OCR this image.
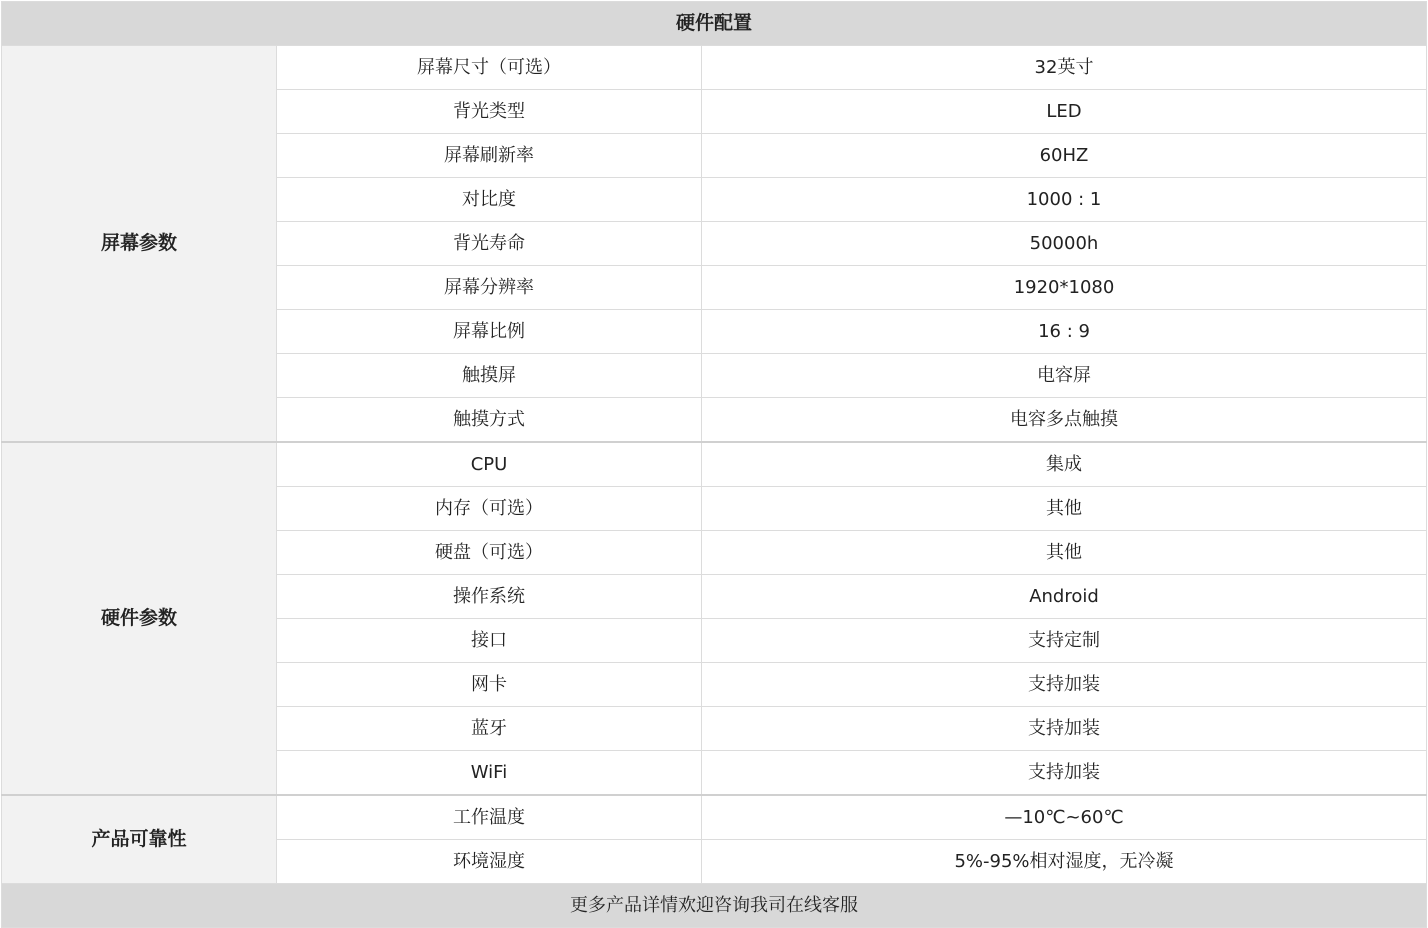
硬件配置		
屏幕参数	屏幕尺寸（可选）	32英寸
	背光类型	LED
	屏幕刷新率	60HZ
	对比度	1000 : 1
	背光寿命	50000h
	屏幕分辨率	1920*1080
	屏幕比例	16 : 9
	触摸屏	电容屏
	触摸方式	电容多点触摸
硬件参数	CPU	集成
	内存（可选）	其他
	硬盘（可选）	其他
	操作系统	Android
	接口	支持定制
	网卡	支持加装
	蓝牙	支持加装
	WiFi	支持加装
产品可靠性	工作温度	—10℃~60℃
	环境湿度	5%-95%相对湿度，无冷凝
更多产品详情欢迎咨询我司在线客服		
